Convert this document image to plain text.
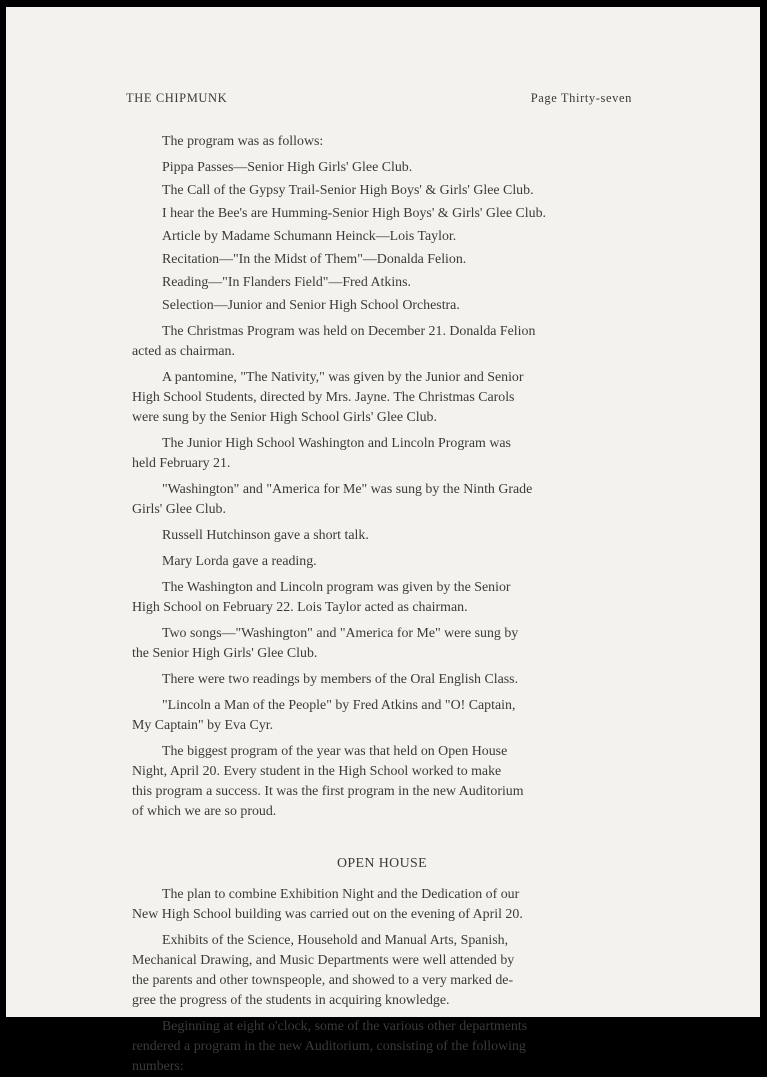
THE CHIPMUNK	Page Thirty-seven

The program was as follows:

Pippa Passes—Senior High Girls' Glee Club.

The Call of the Gypsy Trail-Senior High Boys' & Girls' Glee Club.

I hear the Bee's are Humming-Senior High Boys' & Girls' Glee Club.

Article by Madame Schumann Heinck—Lois Taylor.

Recitation—"In the Midst of Them"—Donalda Felion.

Reading—"In Flanders Field"—Fred Atkins.

Selection—Junior and Senior High School Orchestra.

The Christmas Program was held on December 21. Donalda Felion

acted as chairman.

A pantomine, "The Nativity," was given by the Junior and Senior

High School Students, directed by Mrs. Jayne. The Christmas Carols

were sung by the Senior High School Girls' Glee Club.

The Junior High School Washington and Lincoln Program was

held February 21.

"Washington" and "America for Me" was sung by the Ninth Grade

Girls' Glee Club.

Russell Hutchinson gave a short talk.

Mary Lorda gave a reading.

The Washington and Lincoln program was given by the Senior

High School on February 22. Lois Taylor acted as chairman.

Two songs—"Washington" and "America for Me" were sung by

the Senior High Girls' Glee Club.

There were two readings by members of the Oral English Class.

"Lincoln a Man of the People" by Fred Atkins and "O! Captain,

My Captain" by Eva Cyr.

The biggest program of the year was that held on Open House

Night, April 20. Every student in the High School worked to make

this program a success. It was the first program in the new Auditorium

of which we are so proud.

OPEN HOUSE

The plan to combine Exhibition Night and the Dedication of our

New High School building was carried out on the evening of April 20.

Exhibits of the Science, Household and Manual Arts, Spanish,

Mechanical Drawing, and Music Departments were well attended by

the parents and other townspeople, and showed to a very marked de-

gree the progress of the students in acquiring knowledge.

Beginning at eight o'clock, some of the various other departments

rendered a program in the new Auditorium, consisting of the following

numbers:
